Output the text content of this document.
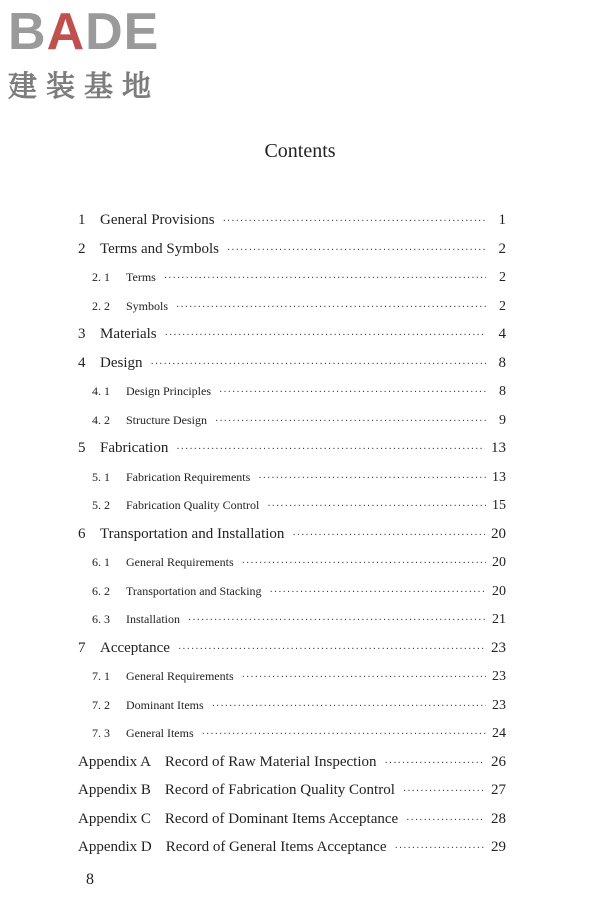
BADE
建装基地
Contents
1 General Provisions ·····	1
2 Terms and Symbols ·····	2
2. 1	Terms ·····	2
2. 2	Symbols ·····	2
3 Materials ·····	4
4 Design ·····	8
4. 1	Design Principles ·····	8
4. 2	Structure Design ·····	9
5 Fabrication ·····	13
5. 1	Fabrication Requirements ·····	13
5. 2	Fabrication Quality Control ·····	15
6 Transportation and Installation ·····	20
6. 1	General Requirements ·····	20
6. 2	Transportation and Stacking ·····	20
6. 3	Installation ·····	21
7 Acceptance ·····	23
7. 1	General Requirements ·····	23
7. 2	Dominant Items ·····	23
7. 3	General Items ·····	24
Appendix A Record of Raw Material Inspection ·····	26
Appendix B Record of Fabrication Quality Control ·····	27
Appendix C Record of Dominant Items Acceptance ·····	28
Appendix D Record of General Items Acceptance ·····	29
8
